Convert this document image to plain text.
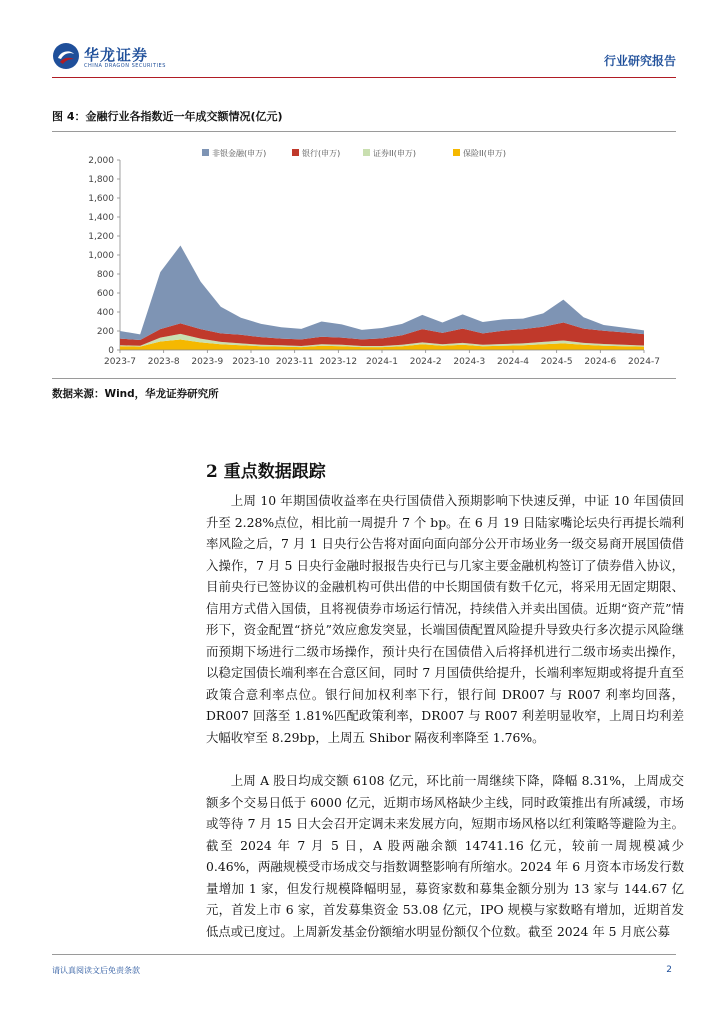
华龙证券
CHINA DRAGON SECURITIES	行业研究报告
图 4：金融行业各指数近一年成交额情况(亿元)
非银金融(申万)	银行(申万)	证券II(申万)	保险II(申万)
0
200
400
600
800
1,000
1,200
1,400
1,600
1,800
2,000
2023-7 2023-8 2023-9 2023-10 2023-11 2023-12 2024-1 2024-2 2024-3 2024-4 2024-5 2024-6 2024-7
数据来源：Wind，华龙证券研究所
2 重点数据跟踪

上周 10 年期国债收益率在央行国债借入预期影响下快速反弹，中证 10 年国债回升至 2.28%点位，相比前一周提升 7 个 bp。在 6 月 19 日陆家嘴论坛央行再提长端利率风险之后，7 月 1 日央行公告将对面向面向部分公开市场业务一级交易商开展国债借入操作，7 月 5 日央行金融时报报告央行已与几家主要金融机构签订了债券借入协议，目前央行已签协议的金融机构可供出借的中长期国债有数千亿元，将采用无固定期限、信用方式借入国债，且将视债券市场运行情况，持续借入并卖出国债。近期“资产荒”情形下，资金配置“挤兑”效应愈发突显，长端国债配置风险提升导致央行多次提示风险继而预期下场进行二级市场操作，预计央行在国债借入后将择机进行二级市场卖出操作，以稳定国债长端利率在合意区间，同时 7 月国债供给提升，长端利率短期或将提升直至政策合意利率点位。银行间加权利率下行，银行间 DR007 与 R007 利率均回落， DR007 回落至 1.81%匹配政策利率，DR007 与 R007 利差明显收窄，上周日均利差大幅收窄至 8.29bp，上周五 Shibor 隔夜利率降至 1.76%。

上周 A 股日均成交额 6108 亿元，环比前一周继续下降，降幅 8.31%，上周成交额多个交易日低于 6000 亿元，近期市场风格缺少主线，同时政策推出有所减缓，市场或等待 7 月 15 日大会召开定调未来发展方向，短期市场风格以红利策略等避险为主。截至 2024 年 7 月 5 日，A 股两融余额 14741.16 亿元，较前一周规模减少 0.46%，两融规模受市场成交与指数调整影响有所缩水。2024 年 6 月资本市场发行数量增加 1 家，但发行规模降幅明显，募资家数和募集金额分别为 13 家与 144.67 亿元，首发上市 6 家，首发募集资金 53.08 亿元，IPO 规模与家数略有增加，近期首发低点或已度过。上周新发基金份额缩水明显份额仅个位数。截至 2024 年 5 月底公募

请认真阅读文后免责条款	2
